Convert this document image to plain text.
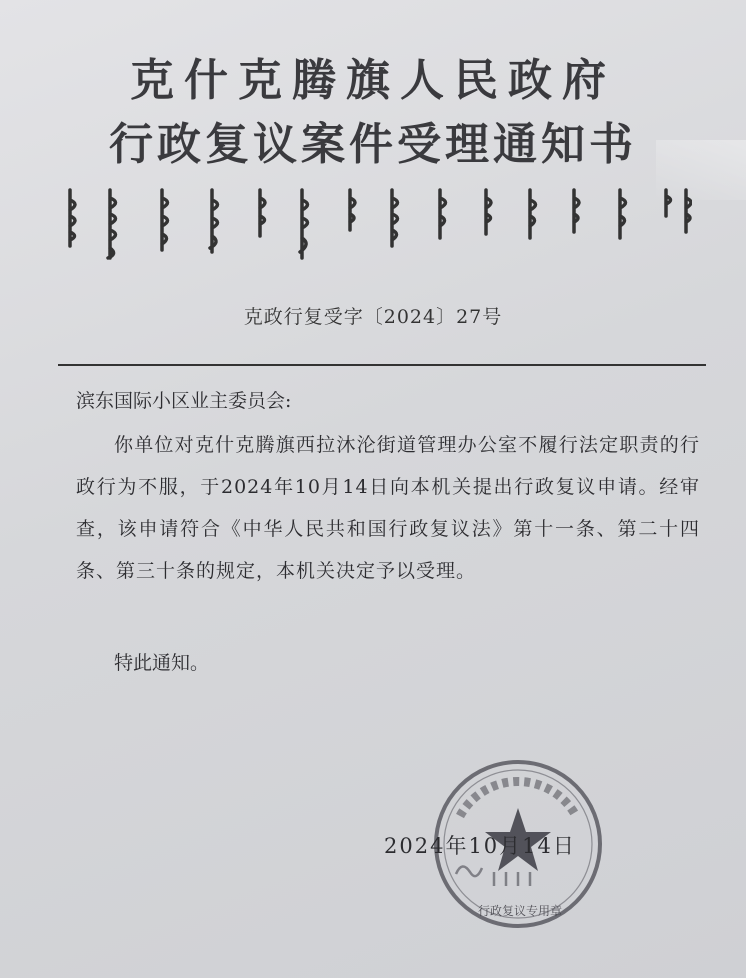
克什克腾旗人民政府
行政复议案件受理通知书
克政行复受字〔2024〕27号
滨东国际小区业主委员会:
你单位对克什克腾旗西拉沐沦街道管理办公室不履行法定职责的行政行为不服，于2024年10月14日向本机关提出行政复议申请。经审查，该申请符合《中华人民共和国行政复议法》第十一条、第二十四条、第三十条的规定，本机关决定予以受理。
特此通知。
行政复议专用章
2024年10月14日
